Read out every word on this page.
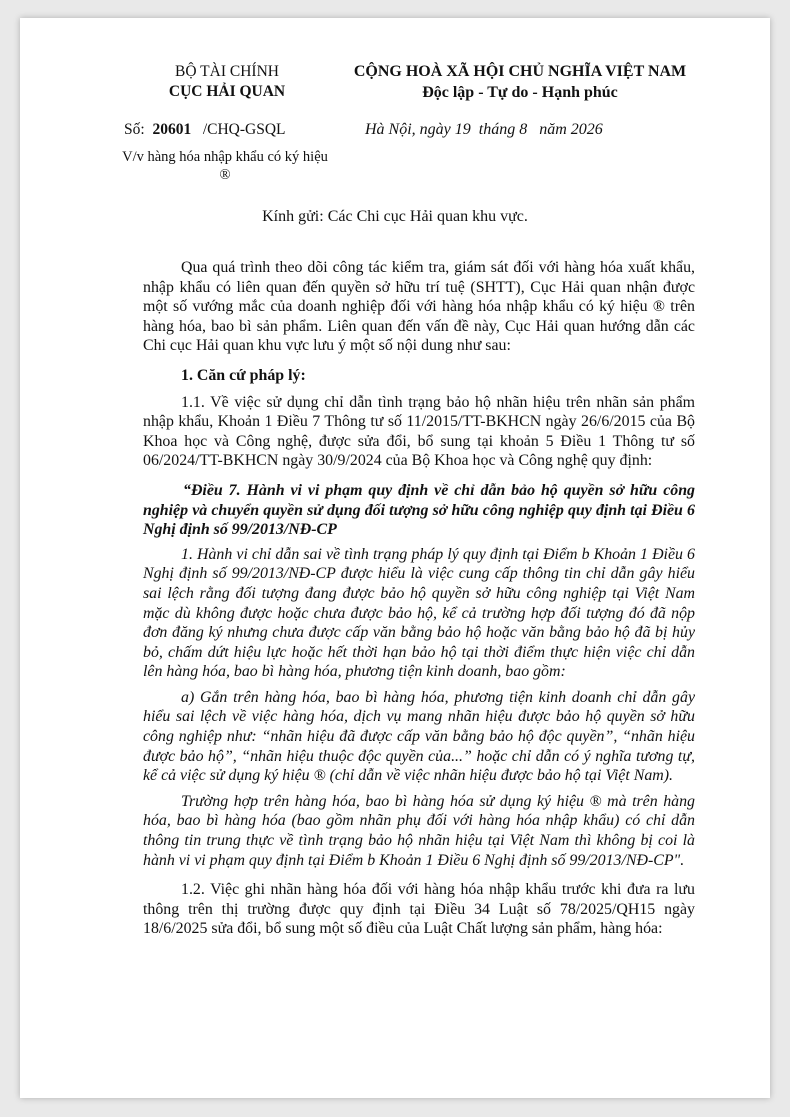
BỘ TÀI CHÍNH
CỤC HẢI QUAN
CỘNG HOÀ XÃ HỘI CHỦ NGHĨA VIỆT NAM
Độc lập - Tự do - Hạnh phúc
Số: 20601 /CHQ-GSQL	Hà Nội, ngày 19  tháng 8   năm 2026
V/v hàng hóa nhập khẩu có ký hiệu ®
Kính gửi: Các Chi cục Hải quan khu vực.

Qua quá trình theo dõi công tác kiểm tra, giám sát đối với hàng hóa xuất khẩu, nhập khẩu có liên quan đến quyền sở hữu trí tuệ (SHTT), Cục Hải quan nhận được một số vướng mắc của doanh nghiệp đối với hàng hóa nhập khẩu có ký hiệu ® trên hàng hóa, bao bì sản phẩm. Liên quan đến vấn đề này, Cục Hải quan hướng dẫn các Chi cục Hải quan khu vực lưu ý một số nội dung như sau:

1. Căn cứ pháp lý:

1.1. Về việc sử dụng chỉ dẫn tình trạng bảo hộ nhãn hiệu trên nhãn sản phẩm nhập khẩu, Khoản 1 Điều 7 Thông tư số 11/2015/TT-BKHCN ngày 26/6/2015 của Bộ Khoa học và Công nghệ, được sửa đổi, bổ sung tại khoản 5 Điều 1 Thông tư số 06/2024/TT-BKHCN ngày 30/9/2024 của Bộ Khoa học và Công nghệ quy định:

“Điều 7. Hành vi vi phạm quy định về chỉ dẫn bảo hộ quyền sở hữu công nghiệp và chuyển quyền sử dụng đối tượng sở hữu công nghiệp quy định tại Điều 6 Nghị định số 99/2013/NĐ-CP

1. Hành vi chỉ dẫn sai về tình trạng pháp lý quy định tại Điểm b Khoản 1 Điều 6 Nghị định số 99/2013/NĐ-CP được hiểu là việc cung cấp thông tin chỉ dẫn gây hiểu sai lệch rằng đối tượng đang được bảo hộ quyền sở hữu công nghiệp tại Việt Nam mặc dù không được hoặc chưa được bảo hộ, kể cả trường hợp đối tượng đó đã nộp đơn đăng ký nhưng chưa được cấp văn bằng bảo hộ hoặc văn bằng bảo hộ đã bị hủy bỏ, chấm dứt hiệu lực hoặc hết thời hạn bảo hộ tại thời điểm thực hiện việc chỉ dẫn lên hàng hóa, bao bì hàng hóa, phương tiện kinh doanh, bao gồm:

a) Gắn trên hàng hóa, bao bì hàng hóa, phương tiện kinh doanh chỉ dẫn gây hiểu sai lệch về việc hàng hóa, dịch vụ mang nhãn hiệu được bảo hộ quyền sở hữu công nghiệp như: “nhãn hiệu đã được cấp văn bằng bảo hộ độc quyền”, “nhãn hiệu được bảo hộ”, “nhãn hiệu thuộc độc quyền của...” hoặc chỉ dẫn có ý nghĩa tương tự, kể cả việc sử dụng ký hiệu ® (chỉ dẫn về việc nhãn hiệu được bảo hộ tại Việt Nam).

Trường hợp trên hàng hóa, bao bì hàng hóa sử dụng ký hiệu ® mà trên hàng hóa, bao bì hàng hóa (bao gồm nhãn phụ đối với hàng hóa nhập khẩu) có chỉ dẫn thông tin trung thực về tình trạng bảo hộ nhãn hiệu tại Việt Nam thì không bị coi là hành vi vi phạm quy định tại Điểm b Khoản 1 Điều 6 Nghị định số 99/2013/NĐ-CP".

1.2. Việc ghi nhãn hàng hóa đối với hàng hóa nhập khẩu trước khi đưa ra lưu thông trên thị trường được quy định tại Điều 34 Luật số 78/2025/QH15 ngày 18/6/2025 sửa đổi, bổ sung một số điều của Luật Chất lượng sản phẩm, hàng hóa:
